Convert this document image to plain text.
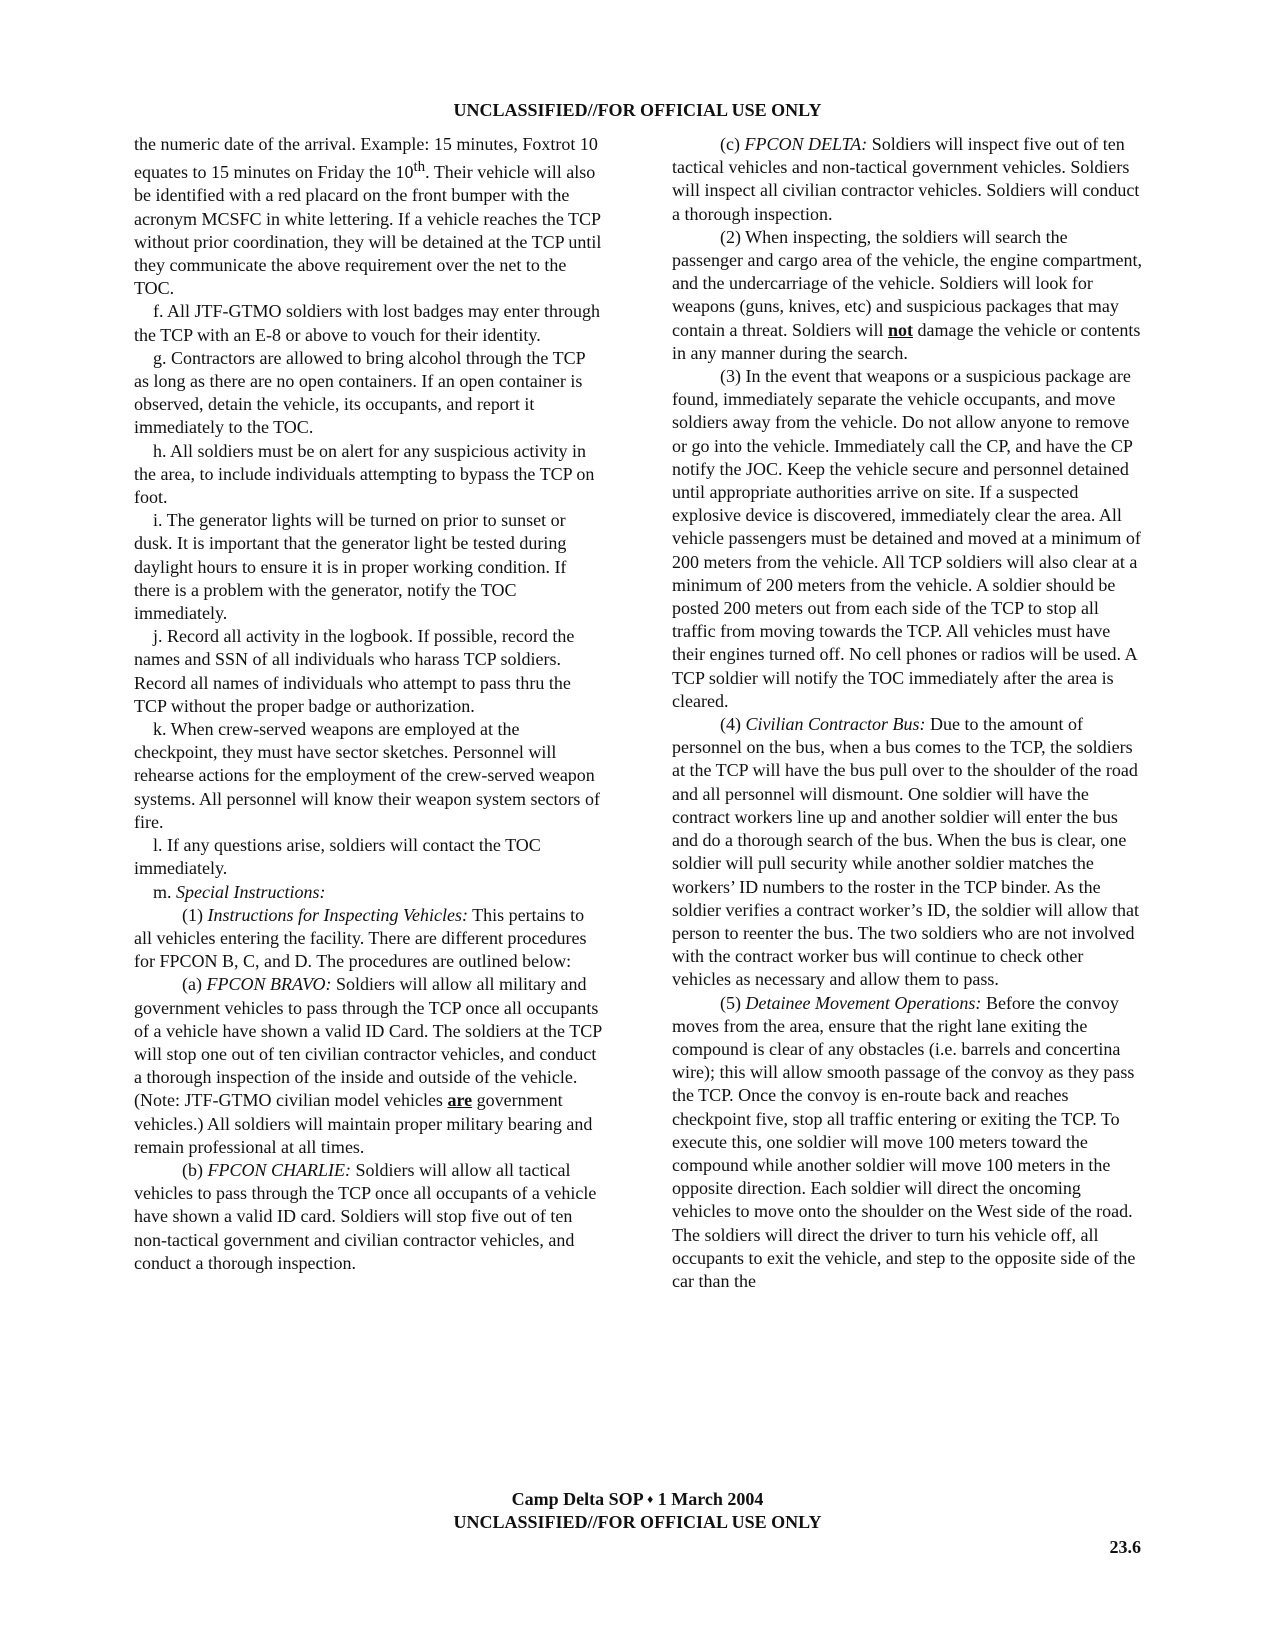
UNCLASSIFIED//FOR OFFICIAL USE ONLY

the numeric date of the arrival. Example: 15 minutes, Foxtrot 10 equates to 15 minutes on Friday the 10th. Their vehicle will also be identified with a red placard on the front bumper with the acronym MCSFC in white lettering. If a vehicle reaches the TCP without prior coordination, they will be detained at the TCP until they communicate the above requirement over the net to the TOC.

f. All JTF-GTMO soldiers with lost badges may enter through the TCP with an E-8 or above to vouch for their identity.

g. Contractors are allowed to bring alcohol through the TCP as long as there are no open containers. If an open container is observed, detain the vehicle, its occupants, and report it immediately to the TOC.

h. All soldiers must be on alert for any suspicious activity in the area, to include individuals attempting to bypass the TCP on foot.

i. The generator lights will be turned on prior to sunset or dusk. It is important that the generator light be tested during daylight hours to ensure it is in proper working condition. If there is a problem with the generator, notify the TOC immediately.

j. Record all activity in the logbook. If possible, record the names and SSN of all individuals who harass TCP soldiers. Record all names of individuals who attempt to pass thru the TCP without the proper badge or authorization.

k. When crew-served weapons are employed at the checkpoint, they must have sector sketches. Personnel will rehearse actions for the employment of the crew-served weapon systems. All personnel will know their weapon system sectors of fire.

l. If any questions arise, soldiers will contact the TOC immediately.

m. Special Instructions:

(1) Instructions for Inspecting Vehicles: This pertains to all vehicles entering the facility. There are different procedures for FPCON B, C, and D. The procedures are outlined below:

(a) FPCON BRAVO: Soldiers will allow all military and government vehicles to pass through the TCP once all occupants of a vehicle have shown a valid ID Card. The soldiers at the TCP will stop one out of ten civilian contractor vehicles, and conduct a thorough inspection of the inside and outside of the vehicle. (Note: JTF-GTMO civilian model vehicles are government vehicles.) All soldiers will maintain proper military bearing and remain professional at all times.

(b) FPCON CHARLIE: Soldiers will allow all tactical vehicles to pass through the TCP once all occupants of a vehicle have shown a valid ID card. Soldiers will stop five out of ten non-tactical government and civilian contractor vehicles, and conduct a thorough inspection.

(c) FPCON DELTA: Soldiers will inspect five out of ten tactical vehicles and non-tactical government vehicles. Soldiers will inspect all civilian contractor vehicles. Soldiers will conduct a thorough inspection.

(2) When inspecting, the soldiers will search the passenger and cargo area of the vehicle, the engine compartment, and the undercarriage of the vehicle. Soldiers will look for weapons (guns, knives, etc) and suspicious packages that may contain a threat. Soldiers will not damage the vehicle or contents in any manner during the search.

(3) In the event that weapons or a suspicious package are found, immediately separate the vehicle occupants, and move soldiers away from the vehicle. Do not allow anyone to remove or go into the vehicle. Immediately call the CP, and have the CP notify the JOC. Keep the vehicle secure and personnel detained until appropriate authorities arrive on site. If a suspected explosive device is discovered, immediately clear the area. All vehicle passengers must be detained and moved at a minimum of 200 meters from the vehicle. All TCP soldiers will also clear at a minimum of 200 meters from the vehicle. A soldier should be posted 200 meters out from each side of the TCP to stop all traffic from moving towards the TCP. All vehicles must have their engines turned off. No cell phones or radios will be used. A TCP soldier will notify the TOC immediately after the area is cleared.

(4) Civilian Contractor Bus: Due to the amount of personnel on the bus, when a bus comes to the TCP, the soldiers at the TCP will have the bus pull over to the shoulder of the road and all personnel will dismount. One soldier will have the contract workers line up and another soldier will enter the bus and do a thorough search of the bus. When the bus is clear, one soldier will pull security while another soldier matches the workers’ ID numbers to the roster in the TCP binder. As the soldier verifies a contract worker’s ID, the soldier will allow that person to reenter the bus. The two soldiers who are not involved with the contract worker bus will continue to check other vehicles as necessary and allow them to pass.

(5) Detainee Movement Operations: Before the convoy moves from the area, ensure that the right lane exiting the compound is clear of any obstacles (i.e. barrels and concertina wire); this will allow smooth passage of the convoy as they pass the TCP. Once the convoy is en-route back and reaches checkpoint five, stop all traffic entering or exiting the TCP. To execute this, one soldier will move 100 meters toward the compound while another soldier will move 100 meters in the opposite direction. Each soldier will direct the oncoming vehicles to move onto the shoulder on the West side of the road. The soldiers will direct the driver to turn his vehicle off, all occupants to exit the vehicle, and step to the opposite side of the car than the

Camp Delta SOP ♦ 1 March 2004
UNCLASSIFIED//FOR OFFICIAL USE ONLY
23.6
